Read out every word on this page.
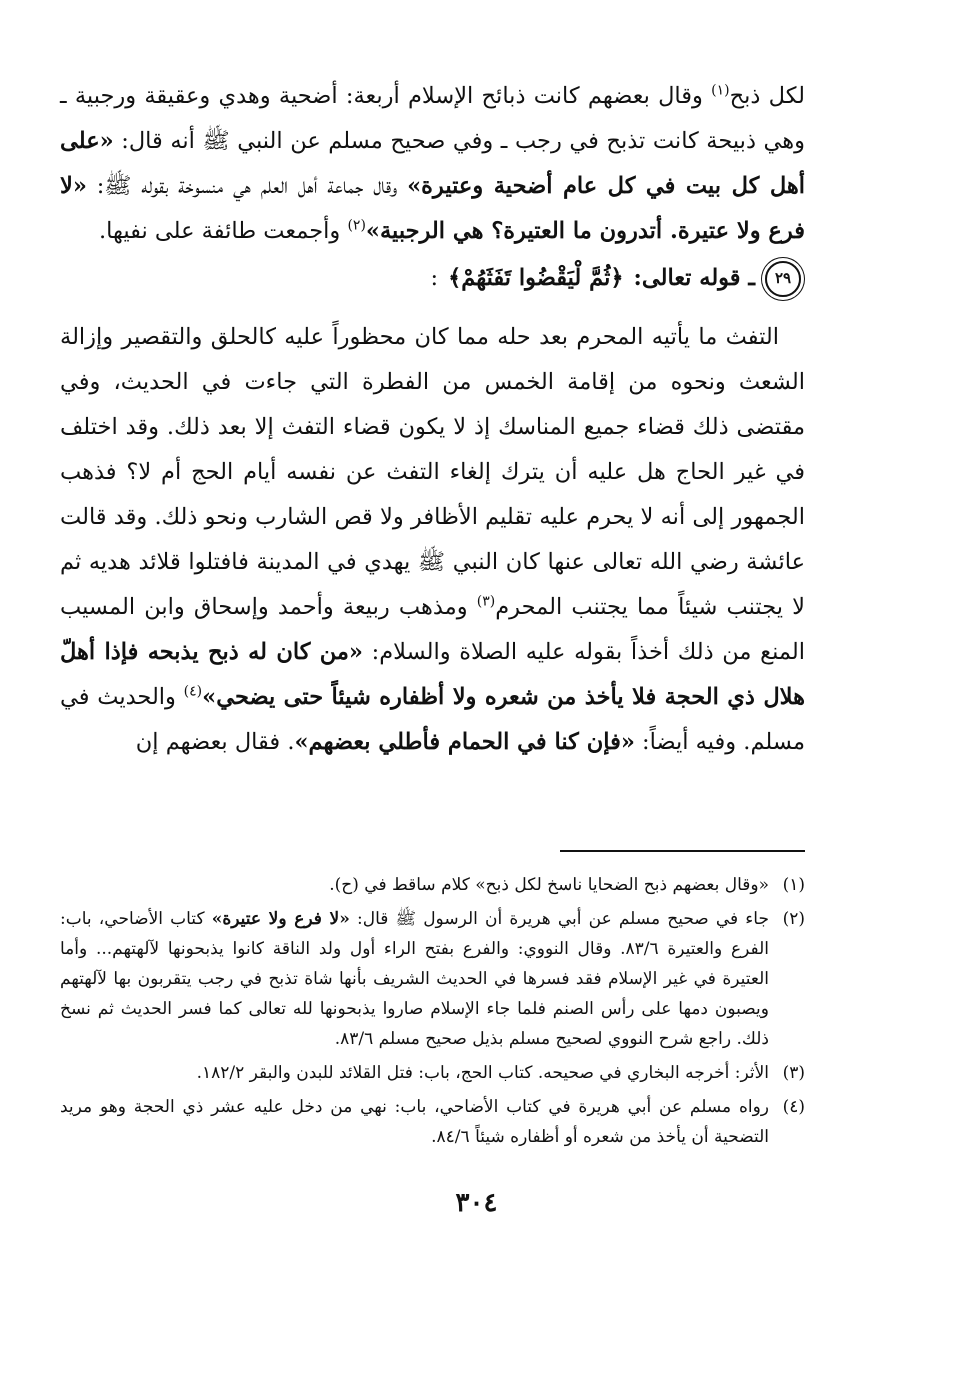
لكل ذبح$^{(١)}$ وقال بعضهم كانت ذبائح الإسلام أربعة: أضحية وهدي وعقيقة ورجبية ـ وهي ذبيحة كانت تذبح في رجب ـ وفي صحيح مسلم عن النبي ﷺ أنه قال: «على أهل كل بيت في كل عام أضحية وعتيرة» وقال جماعة أهل العلم هي منسوخة بقوله ﷺ: «لا فرع ولا عتيرة. أتدرون ما العتيرة؟ هي الرجبية»$^{(٢)}$ وأجمعت طائفة على نفيها.

٢٩
ـ قوله تعالى:
﴿ثُمَّ لْيَقْضُوا تَفَثَهُمْ﴾
:

التفث ما يأتيه المحرم بعد حله مما كان محظوراً عليه كالحلق والتقصير وإزالة الشعث ونحوه من إقامة الخمس من الفطرة التي جاءت في الحديث، وفي مقتضى ذلك قضاء جميع المناسك إذ لا يكون قضاء التفث إلا بعد ذلك. وقد اختلف في غير الحاج هل عليه أن يترك إلغاء التفث عن نفسه أيام الحج أم لا؟ فذهب الجمهور إلى أنه لا يحرم عليه تقليم الأظافر ولا قص الشارب ونحو ذلك. وقد قالت عائشة رضي الله تعالى عنها كان النبي ﷺ يهدي في المدينة فافتلوا قلائد هديه ثم لا يجتنب شيئاً مما يجتنب المحرم$^{(٣)}$ ومذهب ربيعة وأحمد وإسحاق وابن المسيب المنع من ذلك أخذاً بقوله عليه الصلاة والسلام: «من كان له ذبح يذبحه فإذا أهلّ هلال ذي الحجة فلا يأخذ من شعره ولا أظفاره شيئاً حتى يضحي»$^{(٤)}$ والحديث في مسلم. وفيه أيضاً: «فإن كنا في الحمام فأطلي بعضهم». فقال بعضهم إن

(١)
«وقال بعضهم ذبح الضحايا ناسخ لكل ذبح» كلام ساقط في (ح).
(٢)
جاء في صحيح مسلم عن أبي هريرة أن الرسول ﷺ قال: «لا فرع ولا عتيرة» كتاب الأضاحي، باب: الفرع والعتيرة ٨٣/٦. وقال النووي: والفرع بفتح الراء أول ولد الناقة كانوا يذبحونها لآلهتهم... وأما العتيرة في غير الإسلام فقد فسرها في الحديث الشريف بأنها شاة تذبح في رجب يتقربون بها لآلهتهم ويصبون دمها على رأس الصنم فلما جاء الإسلام صاروا يذبحونها لله تعالى كما فسر الحديث ثم نسخ ذلك. راجع شرح النووي لصحيح مسلم بذيل صحيح مسلم ٨٣/٦.
(٣)
الأثر: أخرجه البخاري في صحيحه. كتاب الحج، باب: فتل القلائد للبدن والبقر ١٨٢/٢.
(٤)
رواه مسلم عن أبي هريرة في كتاب الأضاحي، باب: نهي من دخل عليه عشر ذي الحجة وهو مريد التضحية أن يأخذ من شعره أو أظفاره شيئاً ٨٤/٦.
٣٠٤
